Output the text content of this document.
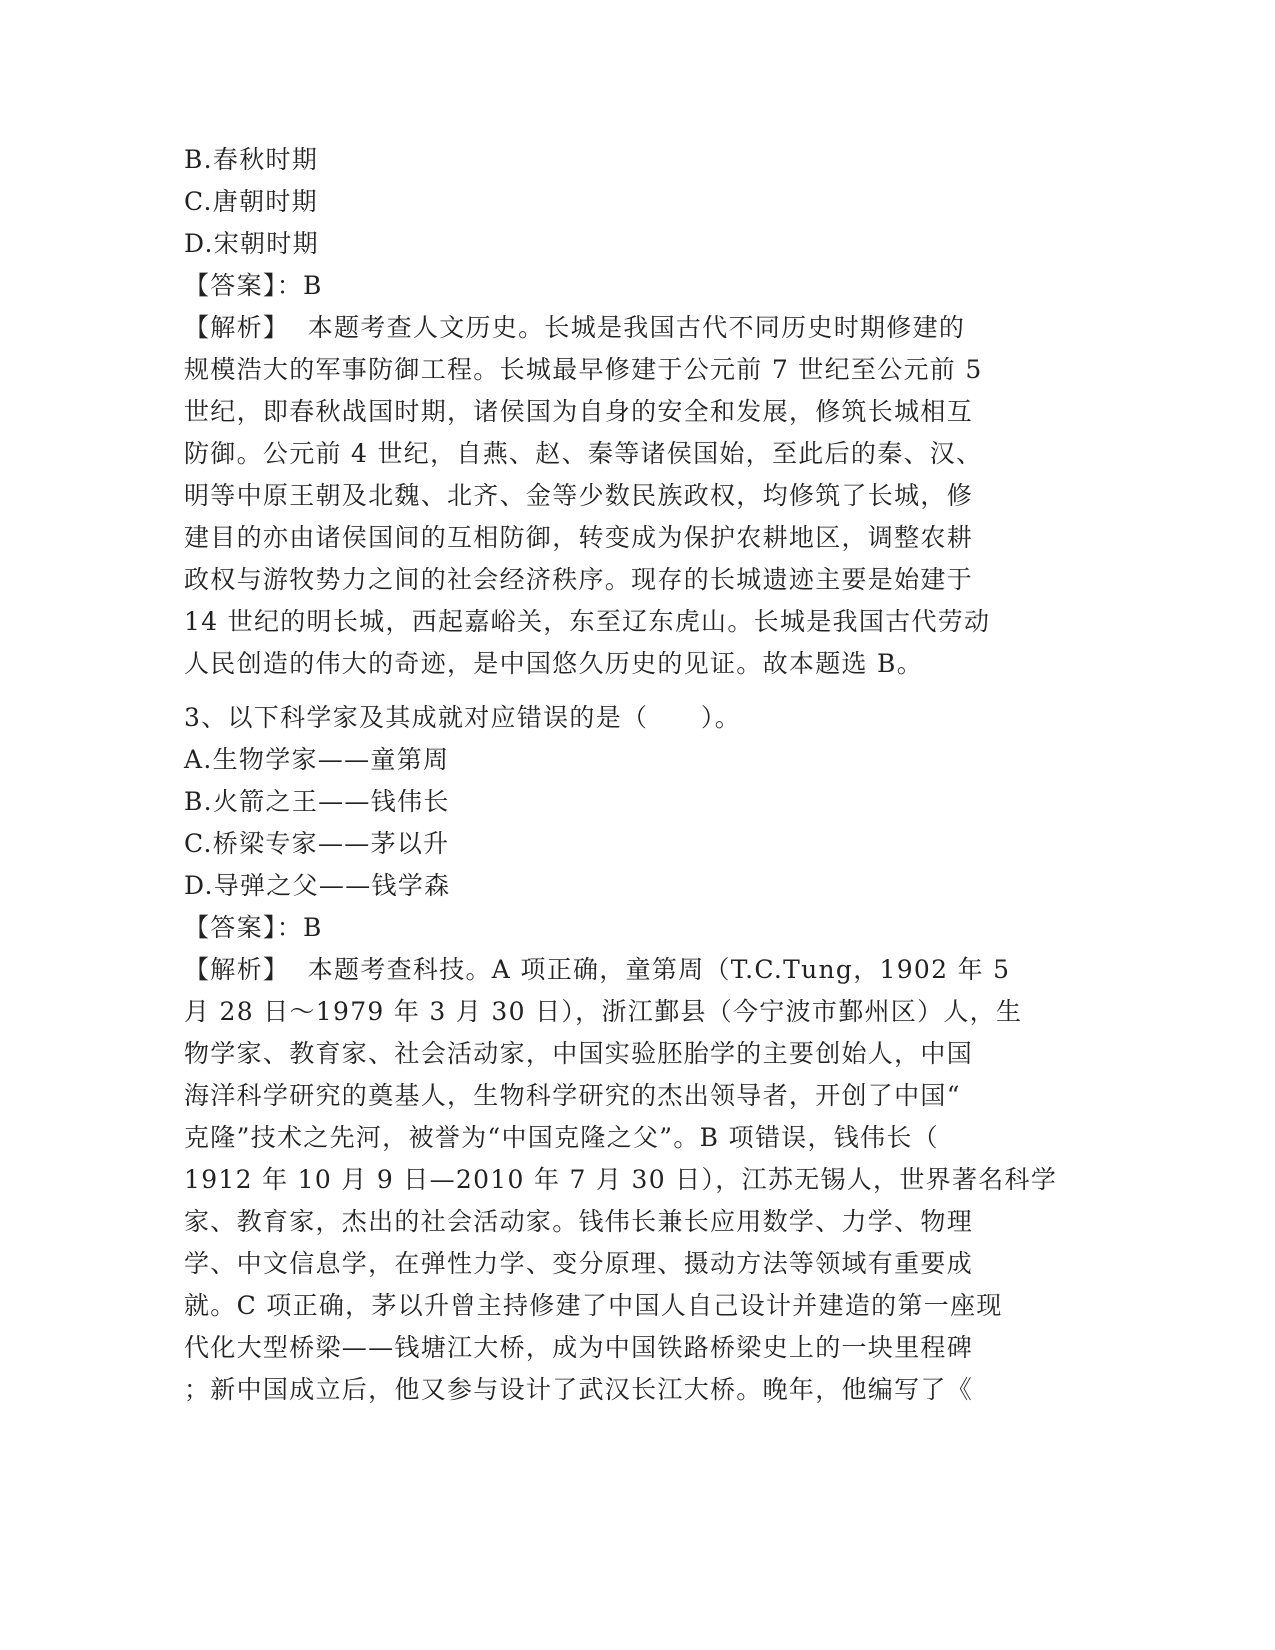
B.春秋时期
C.唐朝时期
D.宋朝时期
【答案】：B
【解析】  本题考查人文历史。长城是我国古代不同历史时期修建的
规模浩大的军事防御工程。长城最早修建于公元前 7 世纪至公元前 5
世纪，即春秋战国时期，诸侯国为自身的安全和发展，修筑长城相互
防御。公元前 4 世纪，自燕、赵、秦等诸侯国始，至此后的秦、汉、
明等中原王朝及北魏、北齐、金等少数民族政权，均修筑了长城，修
建目的亦由诸侯国间的互相防御，转变成为保护农耕地区，调整农耕
政权与游牧势力之间的社会经济秩序。现存的长城遗迹主要是始建于
14 世纪的明长城，西起嘉峪关，东至辽东虎山。长城是我国古代劳动
人民创造的伟大的奇迹，是中国悠久历史的见证。故本题选 B。
3、以下科学家及其成就对应错误的是（　　）。
A.生物学家——童第周
B.火箭之王——钱伟长
C.桥梁专家——茅以升
D.导弹之父——钱学森
【答案】：B
【解析】  本题考查科技。A 项正确，童第周（T.C.Tung，1902 年 5
月 28 日～1979 年 3 月 30 日），浙江鄞县（今宁波市鄞州区）人，生
物学家、教育家、社会活动家，中国实验胚胎学的主要创始人，中国
海洋科学研究的奠基人，生物科学研究的杰出领导者，开创了中国“
克隆”技术之先河，被誉为“中国克隆之父”。B 项错误，钱伟长（
1912 年 10 月 9 日—2010 年 7 月 30 日），江苏无锡人，世界著名科学
家、教育家，杰出的社会活动家。钱伟长兼长应用数学、力学、物理
学、中文信息学，在弹性力学、变分原理、摄动方法等领域有重要成
就。C 项正确，茅以升曾主持修建了中国人自己设计并建造的第一座现
代化大型桥梁——钱塘江大桥，成为中国铁路桥梁史上的一块里程碑
；新中国成立后，他又参与设计了武汉长江大桥。晚年，他编写了《
